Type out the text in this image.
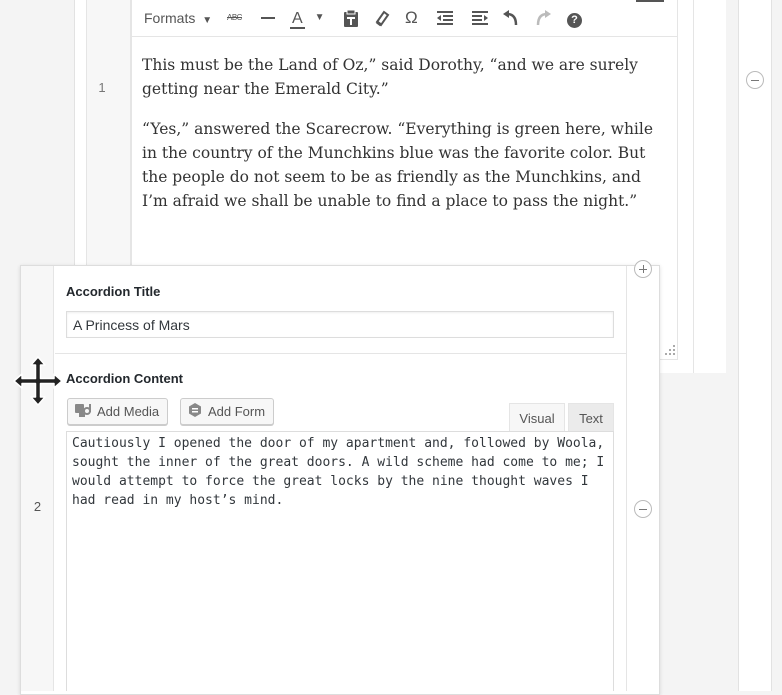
1
Formats ▼ ABC	A ▼	Ω	?

This must be the Land of Oz,” said Dorothy, “and we are surely getting near the Emerald City.”

“Yes,” answered the Scarecrow. “Everything is green here, while in the country of the Munchkins blue was the favorite color. But the people do not seem to be as friendly as the Munchkins, and I’m afraid we shall be unable to find a place to pass the night.”

2
Accordion Title
A Princess of Mars
Accordion Content
Add Media	Add Form	Visual	Text
Cautiously I opened the door of my apartment and, followed by Woola, sought the inner of the great doors. A wild scheme had come to me; I would attempt to force the great locks by the nine thought waves I had read in my host’s mind.
